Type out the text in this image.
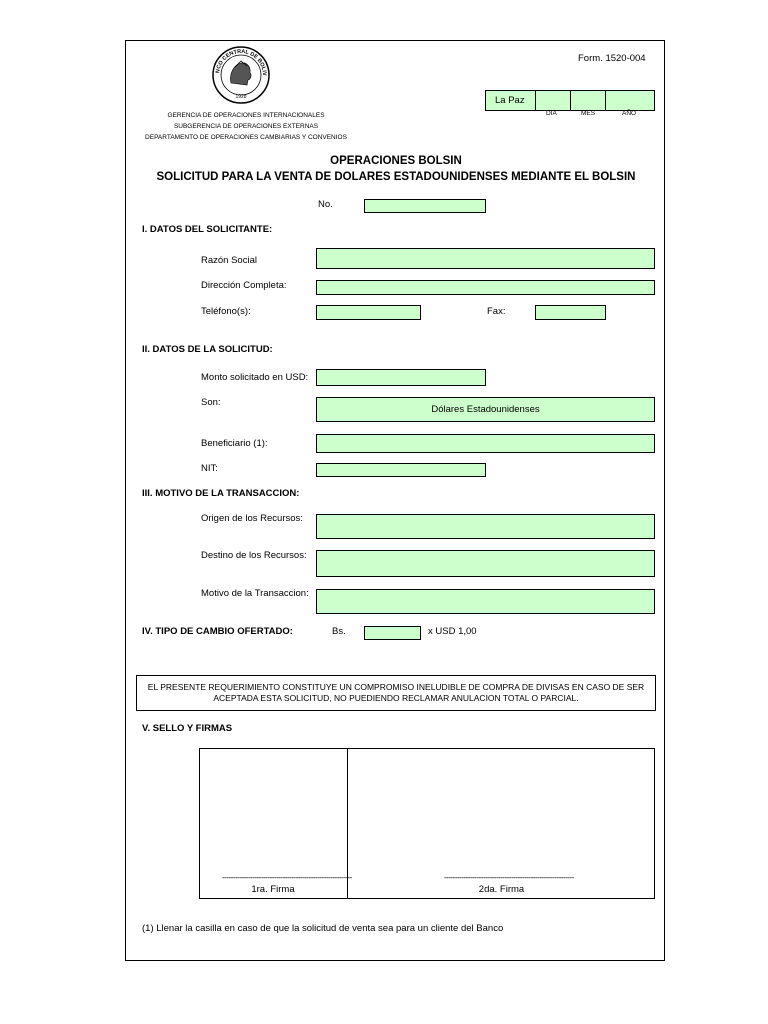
NCO CENTRAL DE BOLIV
1928
Form. 1520-004
GERENCIA DE OPERACIONES INTERNACIONALES
SUBGERENCIA DE OPERACIONES EXTERNAS
DEPARTAMENTO DE OPERACIONES CAMBIARIAS Y CONVENIOS
La Paz
DIA	MES	AÑO
OPERACIONES BOLSIN
SOLICITUD PARA LA VENTA DE DOLARES ESTADOUNIDENSES MEDIANTE EL BOLSIN
No.
I. DATOS DEL SOLICITANTE:
Razón Social
Dirección Completa:
Teléfono(s):	Fax:
II. DATOS DE LA SOLICITUD:
Monto solicitado en USD:
Son:
Dólares Estadounidenses
Beneficiario (1):
NIT:
III. MOTIVO DE LA TRANSACCION:
Origen de los Recursos:
Destino de los Recursos:
Motivo de la Transaccion:
IV. TIPO DE CAMBIO OFERTADO:	Bs.	x USD 1,00
EL PRESENTE REQUERIMIENTO CONSTITUYE UN COMPROMISO INELUDIBLE DE COMPRA DE DIVISAS EN CASO DE SER
ACEPTADA ESTA SOLICITUD, NO PUEDIENDO RECLAMAR ANULACION TOTAL O PARCIAL.
V. SELLO Y FIRMAS
------------------------------------------------------------	------------------------------------------------------------
1ra. Firma	2da. Firma
(1) Llenar la casilla en caso de que la solicitud de venta sea para un cliente del Banco
